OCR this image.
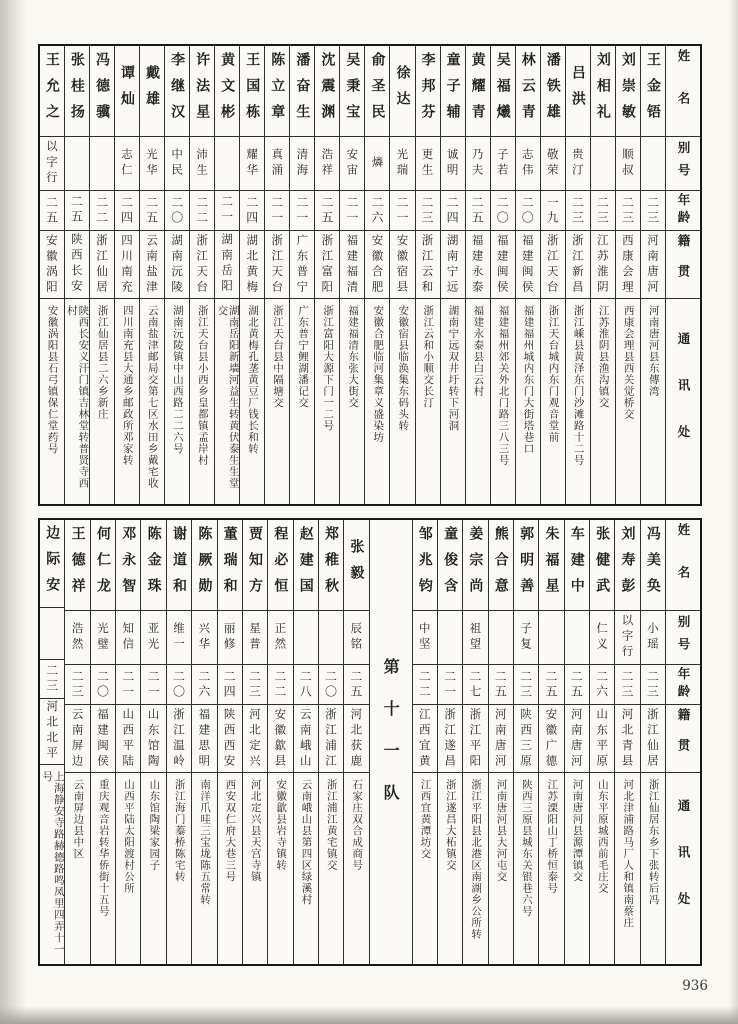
姓名
别号
年龄
籍贯
通讯处
王金铻
二三
河南唐河
河南唐河县东傳湾
刘崇敏
顺叔
二三
西康会理
西康会理县西关觉桥交
刘相礼
二三
江苏淮阴
江苏淮阴县渔沟镇交
吕洪
贵汀
二三
浙江新昌
浙江嵊县黄泽东门沙滩路十二号
潘铁雄
敬荣
一九
浙江天台
浙江天台城内东门观音堂前
林云青
志伟
二〇
福建闽侯
福建福州城内东门大街塔巷口
吴福爔
子若
二〇
福建闽侯
福建福州郊关外北门路三八三号
黄耀青
乃夫
二五
福建永泰
福建永泰县白云村
童子辅
诚明
二四
湖南宁远
湖南宁远双井圩转下河洞
李邦芬
更生
二三
浙江云和
浙江云和小顺交长汀
徐达
光瑞
二一
安徽宿县
安徽宿县临涣集东码头转
俞圣民
燐
二六
安徽合肥
安徽合肥临河集章义盛染坊
吴秉宝
安宙
二一
福建福清
福建福清东张大街交
沈震渊
浩祥
二五
浙江富阳
浙江富阳大源下门一二号
潘奋生
清海
二一
广东普宁
广东普宁鲤湖潘记交
陈立章
真涌
二一
浙江天台
浙江天台县中隔塘交
王国栋
耀华
二四
湖北黄梅
湖北黄梅孔垄黄豆厂钱长和转
黄文彬
二一
湖南岳阳
湖南岳阳新墙河益生转黄伏泰生生堂交
许法星
沛生
二二
浙江天台
浙江天台县小西乡皇都镇孟岸村
李继汉
中民
二〇
湖南沅陵
湖南沅陵镇中山西路二二六号
戴雄
光华
二五
云南盐津
云南盐津邮局交第七区水田乡戴宅收
谭灿
志仁
二四
四川南充
四川南充县大通乡邮政所邓家转
冯德骥
二二
浙江仙居
浙江仙居县二六乡新庄
张桂扬
二五
陕西长安
陕西长安义汗门镇吉林堂转普贤寺西村
王允之
以字行
二五
安徽涡阳
安徽涡阳县石弓镇保仁堂药号
姓名
别号
年龄
籍贯
通讯处
冯美奂
小瑶
二三
浙江仙居
浙江仙居东乡下张转后冯
刘寿彭
以字行
二三
河北青县
河北津浦路马厂人和镇南蔡庄
张健武
仁义
二六
山东平原
山东平原城西前毛庄交
车建中
二五
河南唐河
河南唐河县源潭镇交
朱福星
二五
安徽广德
江苏溧阳山丁桥恒泰号
郭明善
子复
二三
陕西三原
陕西三原县城东关银巷六号
熊合意
二五
河南唐河
河南唐河县大河屯交
姜宗尚
祖望
二七
浙江平阳
浙江平阳县北港区南湖乡公所转
童俊含
二一
浙江遂昌
浙江遂昌大柘镇交
邹兆钧
中坚
二二
江西宜黄
江西宜黄潭坊交
第十一队
张毅
辰铭
二五
河北获鹿
石家庄双合成商号
郑稚秋
二〇
浙江浦江
浙江浦江黄宅镇交
赵建国
二八
云南峨山
云南峨山县第四区绿溪村
程必恒
正然
二二
安徽歙县
安徽歙县岩寺镇转
贾知方
星普
二三
河北定兴
河北定兴县天宫寺镇
董瑞和
丽修
二四
陕西西安
西安双仁府大巷三号
陈厥勋
兴华
二六
福建思明
南洋爪哇三宝垅陈五常转
谢道和
维一
二〇
浙江温岭
浙江海门蓁桥陈宅转
陈金珠
亚光
二一
山东馆陶
山东馆陶梁家园子
邓永智
知信
二一
山西平陆
山西平陆太阳渡村公所
何仁龙
光璧
二〇
福建闽侯
重庆观音岩转华侨街十五号
王德祥
浩然
二三
云南屏边
云南屏边县中区
边际安
二三
河北北平
上海静安寺路赫德路鸣凤里四弄十一号
936
